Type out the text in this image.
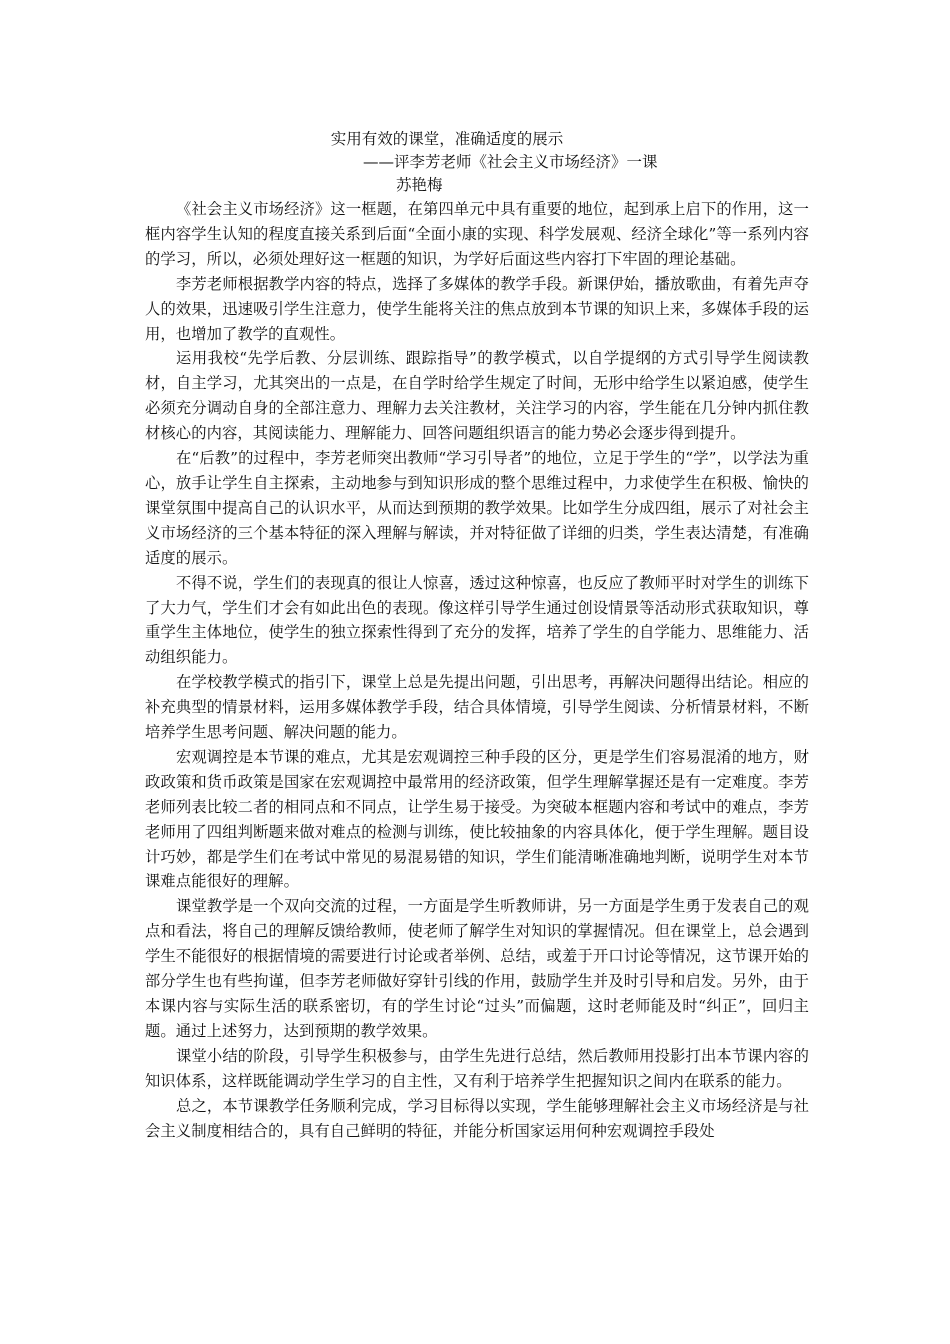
实用有效的课堂，准确适度的展示
——评李芳老师《社会主义市场经济》一课
苏艳梅

《社会主义市场经济》这一框题，在第四单元中具有重要的地位，起到承上启下的作用，这一框内容学生认知的程度直接关系到后面“全面小康的实现、科学发展观、经济全球化”等一系列内容的学习，所以，必须处理好这一框题的知识，为学好后面这些内容打下牢固的理论基础。

李芳老师根据教学内容的特点，选择了多媒体的教学手段。新课伊始，播放歌曲，有着先声夺人的效果，迅速吸引学生注意力，使学生能将关注的焦点放到本节课的知识上来，多媒体手段的运用，也增加了教学的直观性。

运用我校“先学后教、分层训练、跟踪指导”的教学模式，以自学提纲的方式引导学生阅读教材，自主学习，尤其突出的一点是，在自学时给学生规定了时间，无形中给学生以紧迫感，使学生必须充分调动自身的全部注意力、理解力去关注教材，关注学习的内容，学生能在几分钟内抓住教材核心的内容，其阅读能力、理解能力、回答问题组织语言的能力势必会逐步得到提升。

在“后教”的过程中，李芳老师突出教师“学习引导者”的地位，立足于学生的“学”，以学法为重心，放手让学生自主探索，主动地参与到知识形成的整个思维过程中，力求使学生在积极、愉快的课堂氛围中提高自己的认识水平，从而达到预期的教学效果。比如学生分成四组，展示了对社会主义市场经济的三个基本特征的深入理解与解读，并对特征做了详细的归类，学生表达清楚，有准确适度的展示。

不得不说，学生们的表现真的很让人惊喜，透过这种惊喜，也反应了教师平时对学生的训练下了大力气，学生们才会有如此出色的表现。像这样引导学生通过创设情景等活动形式获取知识，尊重学生主体地位，使学生的独立探索性得到了充分的发挥，培养了学生的自学能力、思维能力、活动组织能力。

在学校教学模式的指引下，课堂上总是先提出问题，引出思考，再解决问题得出结论。相应的补充典型的情景材料，运用多媒体教学手段，结合具体情境，引导学生阅读、分析情景材料，不断培养学生思考问题、解决问题的能力。

宏观调控是本节课的难点，尤其是宏观调控三种手段的区分，更是学生们容易混淆的地方，财政政策和货币政策是国家在宏观调控中最常用的经济政策，但学生理解掌握还是有一定难度。李芳老师列表比较二者的相同点和不同点，让学生易于接受。为突破本框题内容和考试中的难点，李芳老师用了四组判断题来做对难点的检测与训练，使比较抽象的内容具体化，便于学生理解。题目设计巧妙，都是学生们在考试中常见的易混易错的知识，学生们能清晰准确地判断，说明学生对本节课难点能很好的理解。

课堂教学是一个双向交流的过程，一方面是学生听教师讲，另一方面是学生勇于发表自己的观点和看法，将自己的理解反馈给教师，使老师了解学生对知识的掌握情况。但在课堂上，总会遇到学生不能很好的根据情境的需要进行讨论或者举例、总结，或羞于开口讨论等情况，这节课开始的部分学生也有些拘谨，但李芳老师做好穿针引线的作用，鼓励学生并及时引导和启发。另外，由于本课内容与实际生活的联系密切，有的学生讨论“过头”而偏题，这时老师能及时“纠正”，回归主题。通过上述努力，达到预期的教学效果。

课堂小结的阶段，引导学生积极参与，由学生先进行总结，然后教师用投影打出本节课内容的知识体系，这样既能调动学生学习的自主性，又有利于培养学生把握知识之间内在联系的能力。

总之，本节课教学任务顺利完成，学习目标得以实现，学生能够理解社会主义市场经济是与社会主义制度相结合的，具有自己鲜明的特征，并能分析国家运用何种宏观调控手段处
